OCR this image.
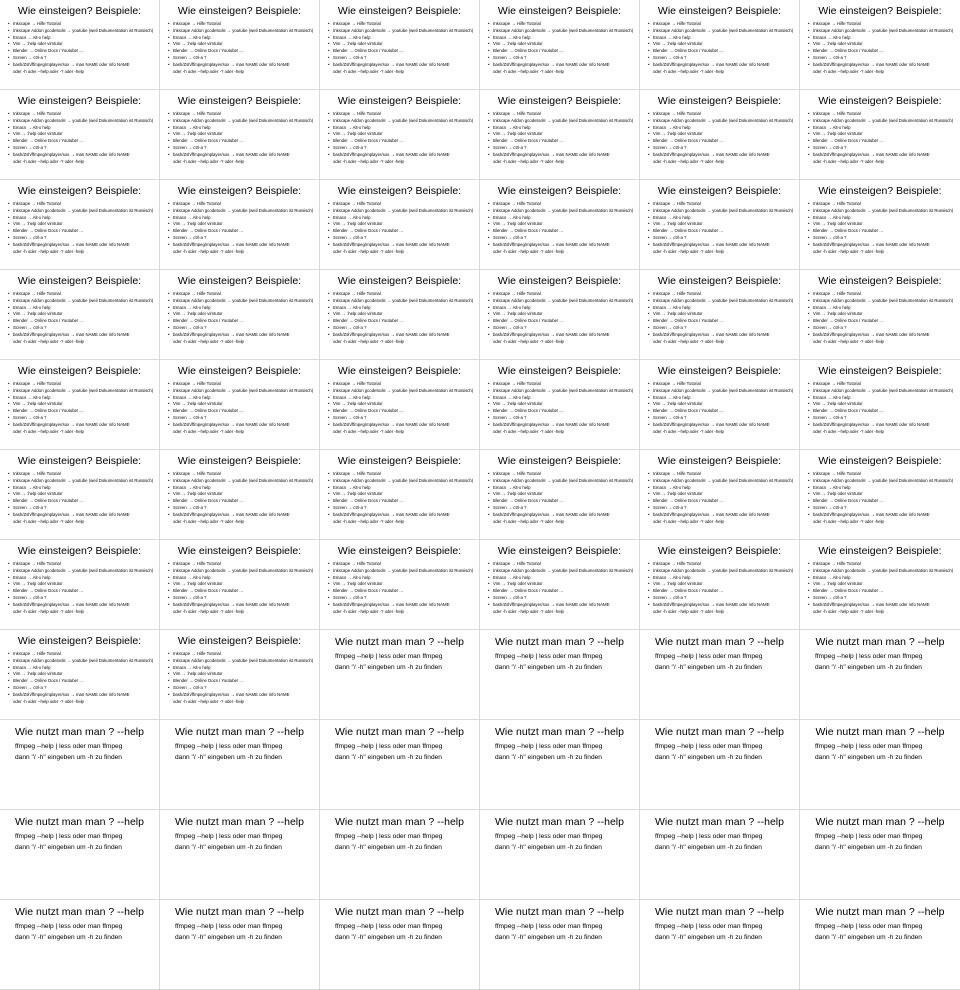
Wie einsteigen? Beispiele:
• Inkscape → Hilfe Tutorial
• Inkscape Addon gcodetools → youtube (weil Dokumentation ist Russisch)
• Emacs → Alt-x help
• Vim → :help oder vimtutor
• Blender → Online Docs / Youtube! ...
• Screen → ctrl-a ?
• bash/Zsh/ffmpeg/mplayer/sox → man NAME oder info NAME
oder -h oder --help oder -? oder -help
Wie einsteigen? Beispiele:
• Inkscape → Hilfe Tutorial
• Inkscape Addon gcodetools → youtube (weil Dokumentation ist Russisch)
• Emacs → Alt-x help
• Vim → :help oder vimtutor
• Blender → Online Docs / Youtube! ...
• Screen → ctrl-a ?
• bash/Zsh/ffmpeg/mplayer/sox → man NAME oder info NAME
oder -h oder --help oder -? oder -help
Wie einsteigen? Beispiele:
• Inkscape → Hilfe Tutorial
• Inkscape Addon gcodetools → youtube (weil Dokumentation ist Russisch)
• Emacs → Alt-x help
• Vim → :help oder vimtutor
• Blender → Online Docs / Youtube! ...
• Screen → ctrl-a ?
• bash/Zsh/ffmpeg/mplayer/sox → man NAME oder info NAME
oder -h oder --help oder -? oder -help
Wie einsteigen? Beispiele:
• Inkscape → Hilfe Tutorial
• Inkscape Addon gcodetools → youtube (weil Dokumentation ist Russisch)
• Emacs → Alt-x help
• Vim → :help oder vimtutor
• Blender → Online Docs / Youtube! ...
• Screen → ctrl-a ?
• bash/Zsh/ffmpeg/mplayer/sox → man NAME oder info NAME
oder -h oder --help oder -? oder -help
Wie einsteigen? Beispiele:
• Inkscape → Hilfe Tutorial
• Inkscape Addon gcodetools → youtube (weil Dokumentation ist Russisch)
• Emacs → Alt-x help
• Vim → :help oder vimtutor
• Blender → Online Docs / Youtube! ...
• Screen → ctrl-a ?
• bash/Zsh/ffmpeg/mplayer/sox → man NAME oder info NAME
oder -h oder --help oder -? oder -help
Wie einsteigen? Beispiele:
• Inkscape → Hilfe Tutorial
• Inkscape Addon gcodetools → youtube (weil Dokumentation ist Russisch)
• Emacs → Alt-x help
• Vim → :help oder vimtutor
• Blender → Online Docs / Youtube! ...
• Screen → ctrl-a ?
• bash/Zsh/ffmpeg/mplayer/sox → man NAME oder info NAME
oder -h oder --help oder -? oder -help
Wie einsteigen? Beispiele:
• Inkscape → Hilfe Tutorial
• Inkscape Addon gcodetools → youtube (weil Dokumentation ist Russisch)
• Emacs → Alt-x help
• Vim → :help oder vimtutor
• Blender → Online Docs / Youtube! ...
• Screen → ctrl-a ?
• bash/Zsh/ffmpeg/mplayer/sox → man NAME oder info NAME
oder -h oder --help oder -? oder -help
Wie einsteigen? Beispiele:
• Inkscape → Hilfe Tutorial
• Inkscape Addon gcodetools → youtube (weil Dokumentation ist Russisch)
• Emacs → Alt-x help
• Vim → :help oder vimtutor
• Blender → Online Docs / Youtube! ...
• Screen → ctrl-a ?
• bash/Zsh/ffmpeg/mplayer/sox → man NAME oder info NAME
oder -h oder --help oder -? oder -help
Wie einsteigen? Beispiele:
• Inkscape → Hilfe Tutorial
• Inkscape Addon gcodetools → youtube (weil Dokumentation ist Russisch)
• Emacs → Alt-x help
• Vim → :help oder vimtutor
• Blender → Online Docs / Youtube! ...
• Screen → ctrl-a ?
• bash/Zsh/ffmpeg/mplayer/sox → man NAME oder info NAME
oder -h oder --help oder -? oder -help
Wie einsteigen? Beispiele:
• Inkscape → Hilfe Tutorial
• Inkscape Addon gcodetools → youtube (weil Dokumentation ist Russisch)
• Emacs → Alt-x help
• Vim → :help oder vimtutor
• Blender → Online Docs / Youtube! ...
• Screen → ctrl-a ?
• bash/Zsh/ffmpeg/mplayer/sox → man NAME oder info NAME
oder -h oder --help oder -? oder -help
Wie einsteigen? Beispiele:
• Inkscape → Hilfe Tutorial
• Inkscape Addon gcodetools → youtube (weil Dokumentation ist Russisch)
• Emacs → Alt-x help
• Vim → :help oder vimtutor
• Blender → Online Docs / Youtube! ...
• Screen → ctrl-a ?
• bash/Zsh/ffmpeg/mplayer/sox → man NAME oder info NAME
oder -h oder --help oder -? oder -help
Wie einsteigen? Beispiele:
• Inkscape → Hilfe Tutorial
• Inkscape Addon gcodetools → youtube (weil Dokumentation ist Russisch)
• Emacs → Alt-x help
• Vim → :help oder vimtutor
• Blender → Online Docs / Youtube! ...
• Screen → ctrl-a ?
• bash/Zsh/ffmpeg/mplayer/sox → man NAME oder info NAME
oder -h oder --help oder -? oder -help
Wie einsteigen? Beispiele:
• Inkscape → Hilfe Tutorial
• Inkscape Addon gcodetools → youtube (weil Dokumentation ist Russisch)
• Emacs → Alt-x help
• Vim → :help oder vimtutor
• Blender → Online Docs / Youtube! ...
• Screen → ctrl-a ?
• bash/Zsh/ffmpeg/mplayer/sox → man NAME oder info NAME
oder -h oder --help oder -? oder -help
Wie einsteigen? Beispiele:
• Inkscape → Hilfe Tutorial
• Inkscape Addon gcodetools → youtube (weil Dokumentation ist Russisch)
• Emacs → Alt-x help
• Vim → :help oder vimtutor
• Blender → Online Docs / Youtube! ...
• Screen → ctrl-a ?
• bash/Zsh/ffmpeg/mplayer/sox → man NAME oder info NAME
oder -h oder --help oder -? oder -help
Wie einsteigen? Beispiele:
• Inkscape → Hilfe Tutorial
• Inkscape Addon gcodetools → youtube (weil Dokumentation ist Russisch)
• Emacs → Alt-x help
• Vim → :help oder vimtutor
• Blender → Online Docs / Youtube! ...
• Screen → ctrl-a ?
• bash/Zsh/ffmpeg/mplayer/sox → man NAME oder info NAME
oder -h oder --help oder -? oder -help
Wie einsteigen? Beispiele:
• Inkscape → Hilfe Tutorial
• Inkscape Addon gcodetools → youtube (weil Dokumentation ist Russisch)
• Emacs → Alt-x help
• Vim → :help oder vimtutor
• Blender → Online Docs / Youtube! ...
• Screen → ctrl-a ?
• bash/Zsh/ffmpeg/mplayer/sox → man NAME oder info NAME
oder -h oder --help oder -? oder -help
Wie einsteigen? Beispiele:
• Inkscape → Hilfe Tutorial
• Inkscape Addon gcodetools → youtube (weil Dokumentation ist Russisch)
• Emacs → Alt-x help
• Vim → :help oder vimtutor
• Blender → Online Docs / Youtube! ...
• Screen → ctrl-a ?
• bash/Zsh/ffmpeg/mplayer/sox → man NAME oder info NAME
oder -h oder --help oder -? oder -help
Wie einsteigen? Beispiele:
• Inkscape → Hilfe Tutorial
• Inkscape Addon gcodetools → youtube (weil Dokumentation ist Russisch)
• Emacs → Alt-x help
• Vim → :help oder vimtutor
• Blender → Online Docs / Youtube! ...
• Screen → ctrl-a ?
• bash/Zsh/ffmpeg/mplayer/sox → man NAME oder info NAME
oder -h oder --help oder -? oder -help
Wie einsteigen? Beispiele:
• Inkscape → Hilfe Tutorial
• Inkscape Addon gcodetools → youtube (weil Dokumentation ist Russisch)
• Emacs → Alt-x help
• Vim → :help oder vimtutor
• Blender → Online Docs / Youtube! ...
• Screen → ctrl-a ?
• bash/Zsh/ffmpeg/mplayer/sox → man NAME oder info NAME
oder -h oder --help oder -? oder -help
Wie einsteigen? Beispiele:
• Inkscape → Hilfe Tutorial
• Inkscape Addon gcodetools → youtube (weil Dokumentation ist Russisch)
• Emacs → Alt-x help
• Vim → :help oder vimtutor
• Blender → Online Docs / Youtube! ...
• Screen → ctrl-a ?
• bash/Zsh/ffmpeg/mplayer/sox → man NAME oder info NAME
oder -h oder --help oder -? oder -help
Wie einsteigen? Beispiele:
• Inkscape → Hilfe Tutorial
• Inkscape Addon gcodetools → youtube (weil Dokumentation ist Russisch)
• Emacs → Alt-x help
• Vim → :help oder vimtutor
• Blender → Online Docs / Youtube! ...
• Screen → ctrl-a ?
• bash/Zsh/ffmpeg/mplayer/sox → man NAME oder info NAME
oder -h oder --help oder -? oder -help
Wie einsteigen? Beispiele:
• Inkscape → Hilfe Tutorial
• Inkscape Addon gcodetools → youtube (weil Dokumentation ist Russisch)
• Emacs → Alt-x help
• Vim → :help oder vimtutor
• Blender → Online Docs / Youtube! ...
• Screen → ctrl-a ?
• bash/Zsh/ffmpeg/mplayer/sox → man NAME oder info NAME
oder -h oder --help oder -? oder -help
Wie einsteigen? Beispiele:
• Inkscape → Hilfe Tutorial
• Inkscape Addon gcodetools → youtube (weil Dokumentation ist Russisch)
• Emacs → Alt-x help
• Vim → :help oder vimtutor
• Blender → Online Docs / Youtube! ...
• Screen → ctrl-a ?
• bash/Zsh/ffmpeg/mplayer/sox → man NAME oder info NAME
oder -h oder --help oder -? oder -help
Wie einsteigen? Beispiele:
• Inkscape → Hilfe Tutorial
• Inkscape Addon gcodetools → youtube (weil Dokumentation ist Russisch)
• Emacs → Alt-x help
• Vim → :help oder vimtutor
• Blender → Online Docs / Youtube! ...
• Screen → ctrl-a ?
• bash/Zsh/ffmpeg/mplayer/sox → man NAME oder info NAME
oder -h oder --help oder -? oder -help
Wie einsteigen? Beispiele:
• Inkscape → Hilfe Tutorial
• Inkscape Addon gcodetools → youtube (weil Dokumentation ist Russisch)
• Emacs → Alt-x help
• Vim → :help oder vimtutor
• Blender → Online Docs / Youtube! ...
• Screen → ctrl-a ?
• bash/Zsh/ffmpeg/mplayer/sox → man NAME oder info NAME
oder -h oder --help oder -? oder -help
Wie einsteigen? Beispiele:
• Inkscape → Hilfe Tutorial
• Inkscape Addon gcodetools → youtube (weil Dokumentation ist Russisch)
• Emacs → Alt-x help
• Vim → :help oder vimtutor
• Blender → Online Docs / Youtube! ...
• Screen → ctrl-a ?
• bash/Zsh/ffmpeg/mplayer/sox → man NAME oder info NAME
oder -h oder --help oder -? oder -help
Wie einsteigen? Beispiele:
• Inkscape → Hilfe Tutorial
• Inkscape Addon gcodetools → youtube (weil Dokumentation ist Russisch)
• Emacs → Alt-x help
• Vim → :help oder vimtutor
• Blender → Online Docs / Youtube! ...
• Screen → ctrl-a ?
• bash/Zsh/ffmpeg/mplayer/sox → man NAME oder info NAME
oder -h oder --help oder -? oder -help
Wie einsteigen? Beispiele:
• Inkscape → Hilfe Tutorial
• Inkscape Addon gcodetools → youtube (weil Dokumentation ist Russisch)
• Emacs → Alt-x help
• Vim → :help oder vimtutor
• Blender → Online Docs / Youtube! ...
• Screen → ctrl-a ?
• bash/Zsh/ffmpeg/mplayer/sox → man NAME oder info NAME
oder -h oder --help oder -? oder -help
Wie einsteigen? Beispiele:
• Inkscape → Hilfe Tutorial
• Inkscape Addon gcodetools → youtube (weil Dokumentation ist Russisch)
• Emacs → Alt-x help
• Vim → :help oder vimtutor
• Blender → Online Docs / Youtube! ...
• Screen → ctrl-a ?
• bash/Zsh/ffmpeg/mplayer/sox → man NAME oder info NAME
oder -h oder --help oder -? oder -help
Wie einsteigen? Beispiele:
• Inkscape → Hilfe Tutorial
• Inkscape Addon gcodetools → youtube (weil Dokumentation ist Russisch)
• Emacs → Alt-x help
• Vim → :help oder vimtutor
• Blender → Online Docs / Youtube! ...
• Screen → ctrl-a ?
• bash/Zsh/ffmpeg/mplayer/sox → man NAME oder info NAME
oder -h oder --help oder -? oder -help
Wie einsteigen? Beispiele:
• Inkscape → Hilfe Tutorial
• Inkscape Addon gcodetools → youtube (weil Dokumentation ist Russisch)
• Emacs → Alt-x help
• Vim → :help oder vimtutor
• Blender → Online Docs / Youtube! ...
• Screen → ctrl-a ?
• bash/Zsh/ffmpeg/mplayer/sox → man NAME oder info NAME
oder -h oder --help oder -? oder -help
Wie einsteigen? Beispiele:
• Inkscape → Hilfe Tutorial
• Inkscape Addon gcodetools → youtube (weil Dokumentation ist Russisch)
• Emacs → Alt-x help
• Vim → :help oder vimtutor
• Blender → Online Docs / Youtube! ...
• Screen → ctrl-a ?
• bash/Zsh/ffmpeg/mplayer/sox → man NAME oder info NAME
oder -h oder --help oder -? oder -help
Wie einsteigen? Beispiele:
• Inkscape → Hilfe Tutorial
• Inkscape Addon gcodetools → youtube (weil Dokumentation ist Russisch)
• Emacs → Alt-x help
• Vim → :help oder vimtutor
• Blender → Online Docs / Youtube! ...
• Screen → ctrl-a ?
• bash/Zsh/ffmpeg/mplayer/sox → man NAME oder info NAME
oder -h oder --help oder -? oder -help
Wie einsteigen? Beispiele:
• Inkscape → Hilfe Tutorial
• Inkscape Addon gcodetools → youtube (weil Dokumentation ist Russisch)
• Emacs → Alt-x help
• Vim → :help oder vimtutor
• Blender → Online Docs / Youtube! ...
• Screen → ctrl-a ?
• bash/Zsh/ffmpeg/mplayer/sox → man NAME oder info NAME
oder -h oder --help oder -? oder -help
Wie einsteigen? Beispiele:
• Inkscape → Hilfe Tutorial
• Inkscape Addon gcodetools → youtube (weil Dokumentation ist Russisch)
• Emacs → Alt-x help
• Vim → :help oder vimtutor
• Blender → Online Docs / Youtube! ...
• Screen → ctrl-a ?
• bash/Zsh/ffmpeg/mplayer/sox → man NAME oder info NAME
oder -h oder --help oder -? oder -help
Wie einsteigen? Beispiele:
• Inkscape → Hilfe Tutorial
• Inkscape Addon gcodetools → youtube (weil Dokumentation ist Russisch)
• Emacs → Alt-x help
• Vim → :help oder vimtutor
• Blender → Online Docs / Youtube! ...
• Screen → ctrl-a ?
• bash/Zsh/ffmpeg/mplayer/sox → man NAME oder info NAME
oder -h oder --help oder -? oder -help
Wie einsteigen? Beispiele:
• Inkscape → Hilfe Tutorial
• Inkscape Addon gcodetools → youtube (weil Dokumentation ist Russisch)
• Emacs → Alt-x help
• Vim → :help oder vimtutor
• Blender → Online Docs / Youtube! ...
• Screen → ctrl-a ?
• bash/Zsh/ffmpeg/mplayer/sox → man NAME oder info NAME
oder -h oder --help oder -? oder -help
Wie einsteigen? Beispiele:
• Inkscape → Hilfe Tutorial
• Inkscape Addon gcodetools → youtube (weil Dokumentation ist Russisch)
• Emacs → Alt-x help
• Vim → :help oder vimtutor
• Blender → Online Docs / Youtube! ...
• Screen → ctrl-a ?
• bash/Zsh/ffmpeg/mplayer/sox → man NAME oder info NAME
oder -h oder --help oder -? oder -help
Wie einsteigen? Beispiele:
• Inkscape → Hilfe Tutorial
• Inkscape Addon gcodetools → youtube (weil Dokumentation ist Russisch)
• Emacs → Alt-x help
• Vim → :help oder vimtutor
• Blender → Online Docs / Youtube! ...
• Screen → ctrl-a ?
• bash/Zsh/ffmpeg/mplayer/sox → man NAME oder info NAME
oder -h oder --help oder -? oder -help
Wie einsteigen? Beispiele:
• Inkscape → Hilfe Tutorial
• Inkscape Addon gcodetools → youtube (weil Dokumentation ist Russisch)
• Emacs → Alt-x help
• Vim → :help oder vimtutor
• Blender → Online Docs / Youtube! ...
• Screen → ctrl-a ?
• bash/Zsh/ffmpeg/mplayer/sox → man NAME oder info NAME
oder -h oder --help oder -? oder -help
Wie einsteigen? Beispiele:
• Inkscape → Hilfe Tutorial
• Inkscape Addon gcodetools → youtube (weil Dokumentation ist Russisch)
• Emacs → Alt-x help
• Vim → :help oder vimtutor
• Blender → Online Docs / Youtube! ...
• Screen → ctrl-a ?
• bash/Zsh/ffmpeg/mplayer/sox → man NAME oder info NAME
oder -h oder --help oder -? oder -help
Wie einsteigen? Beispiele:
• Inkscape → Hilfe Tutorial
• Inkscape Addon gcodetools → youtube (weil Dokumentation ist Russisch)
• Emacs → Alt-x help
• Vim → :help oder vimtutor
• Blender → Online Docs / Youtube! ...
• Screen → ctrl-a ?
• bash/Zsh/ffmpeg/mplayer/sox → man NAME oder info NAME
oder -h oder --help oder -? oder -help
Wie einsteigen? Beispiele:
• Inkscape → Hilfe Tutorial
• Inkscape Addon gcodetools → youtube (weil Dokumentation ist Russisch)
• Emacs → Alt-x help
• Vim → :help oder vimtutor
• Blender → Online Docs / Youtube! ...
• Screen → ctrl-a ?
• bash/Zsh/ffmpeg/mplayer/sox → man NAME oder info NAME
oder -h oder --help oder -? oder -help
Wie einsteigen? Beispiele:
• Inkscape → Hilfe Tutorial
• Inkscape Addon gcodetools → youtube (weil Dokumentation ist Russisch)
• Emacs → Alt-x help
• Vim → :help oder vimtutor
• Blender → Online Docs / Youtube! ...
• Screen → ctrl-a ?
• bash/Zsh/ffmpeg/mplayer/sox → man NAME oder info NAME
oder -h oder --help oder -? oder -help
Wie nutzt man man ? --help
ffmpeg --help | less oder man ffmpeg
dann "/ -h" eingeben um -h zu finden
Wie nutzt man man ? --help
ffmpeg --help | less oder man ffmpeg
dann "/ -h" eingeben um -h zu finden
Wie nutzt man man ? --help
ffmpeg --help | less oder man ffmpeg
dann "/ -h" eingeben um -h zu finden
Wie nutzt man man ? --help
ffmpeg --help | less oder man ffmpeg
dann "/ -h" eingeben um -h zu finden
Wie nutzt man man ? --help
ffmpeg --help | less oder man ffmpeg
dann "/ -h" eingeben um -h zu finden
Wie nutzt man man ? --help
ffmpeg --help | less oder man ffmpeg
dann "/ -h" eingeben um -h zu finden
Wie nutzt man man ? --help
ffmpeg --help | less oder man ffmpeg
dann "/ -h" eingeben um -h zu finden
Wie nutzt man man ? --help
ffmpeg --help | less oder man ffmpeg
dann "/ -h" eingeben um -h zu finden
Wie nutzt man man ? --help
ffmpeg --help | less oder man ffmpeg
dann "/ -h" eingeben um -h zu finden
Wie nutzt man man ? --help
ffmpeg --help | less oder man ffmpeg
dann "/ -h" eingeben um -h zu finden
Wie nutzt man man ? --help
ffmpeg --help | less oder man ffmpeg
dann "/ -h" eingeben um -h zu finden
Wie nutzt man man ? --help
ffmpeg --help | less oder man ffmpeg
dann "/ -h" eingeben um -h zu finden
Wie nutzt man man ? --help
ffmpeg --help | less oder man ffmpeg
dann "/ -h" eingeben um -h zu finden
Wie nutzt man man ? --help
ffmpeg --help | less oder man ffmpeg
dann "/ -h" eingeben um -h zu finden
Wie nutzt man man ? --help
ffmpeg --help | less oder man ffmpeg
dann "/ -h" eingeben um -h zu finden
Wie nutzt man man ? --help
ffmpeg --help | less oder man ffmpeg
dann "/ -h" eingeben um -h zu finden
Wie nutzt man man ? --help
ffmpeg --help | less oder man ffmpeg
dann "/ -h" eingeben um -h zu finden
Wie nutzt man man ? --help
ffmpeg --help | less oder man ffmpeg
dann "/ -h" eingeben um -h zu finden
Wie nutzt man man ? --help
ffmpeg --help | less oder man ffmpeg
dann "/ -h" eingeben um -h zu finden
Wie nutzt man man ? --help
ffmpeg --help | less oder man ffmpeg
dann "/ -h" eingeben um -h zu finden
Wie nutzt man man ? --help
ffmpeg --help | less oder man ffmpeg
dann "/ -h" eingeben um -h zu finden
Wie nutzt man man ? --help
ffmpeg --help | less oder man ffmpeg
dann "/ -h" eingeben um -h zu finden
